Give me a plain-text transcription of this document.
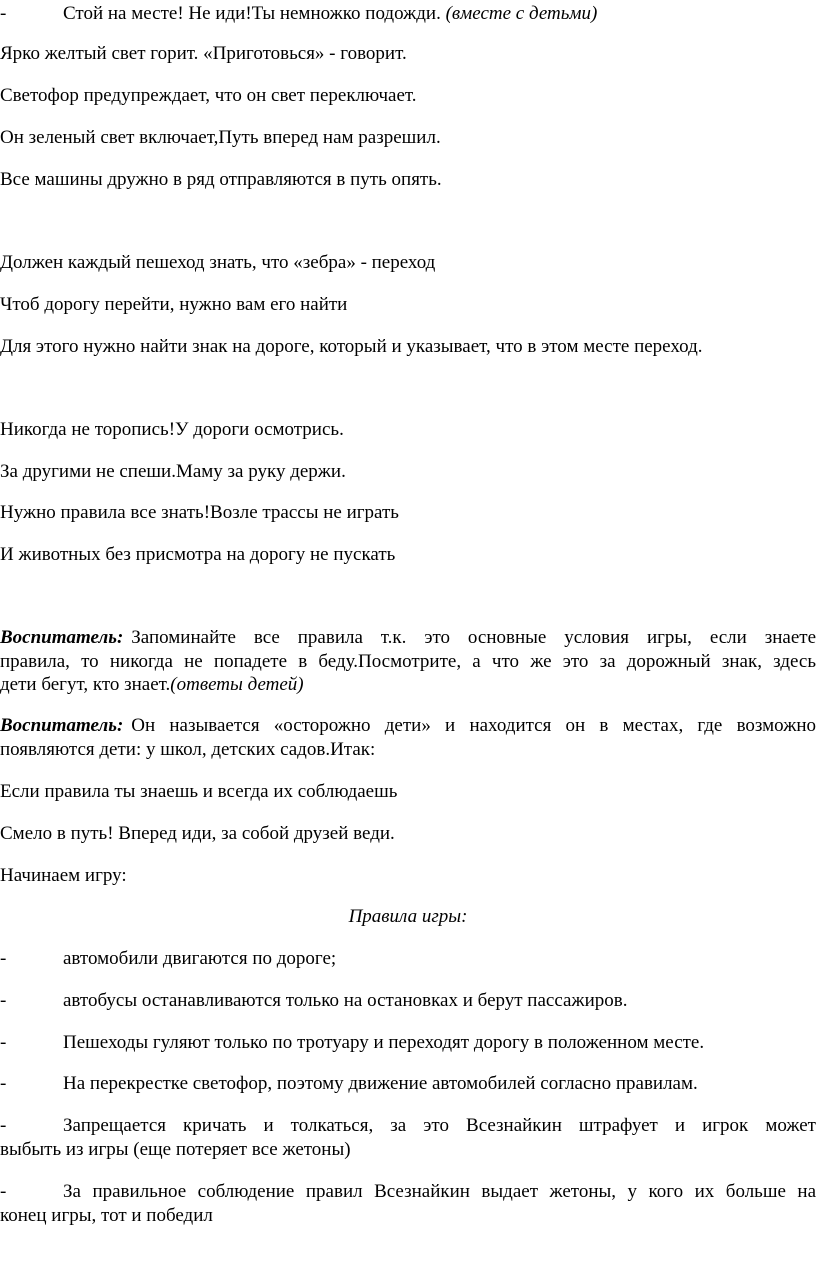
-	Стой на месте! Не иди!Ты немножко подожди. (вместе с детьми)
Ярко желтый свет горит. «Приготовься» - говорит.
Светофор предупреждает, что он свет переключает.
Он зеленый свет включает,Путь вперед нам разрешил.
Все машины дружно в ряд отправляются в путь опять.
Должен каждый пешеход знать, что «зебра» - переход
Чтоб дорогу перейти, нужно вам его найти
Для этого нужно найти знак на дороге, который и указывает, что в этом месте переход.
Никогда не торопись!У дороги осмотрись.
За другими не спеши.Маму за руку держи.
Нужно правила все знать!Возле трассы не играть
И животных без присмотра на дорогу не пускать
Воспитатель: Запоминайте все правила т.к. это основные условия игры, если знаете
правила, то никогда не попадете в беду.Посмотрите, а что же это за дорожный знак, здесь
дети бегут, кто знает.(ответы детей)
Воспитатель: Он называется «осторожно дети» и находится он в местах, где возможно
появляются дети: у школ, детских садов.Итак:
Если правила ты знаешь и всегда их соблюдаешь
Смело в путь! Вперед иди, за собой друзей веди.
Начинаем игру:
Правила игры:
-	автомобили двигаются по дороге;
-	автобусы останавливаются только на остановках и берут пассажиров.
-	Пешеходы гуляют только по тротуару и переходят дорогу в положенном месте.
-	На перекрестке светофор, поэтому движение автомобилей согласно правилам.
-	Запрещается кричать и толкаться, за это Всезнайкин штрафует и игрок может
выбыть из игры (еще потеряет все жетоны)
-	За правильное соблюдение правил Всезнайкин выдает жетоны, у кого их больше на
конец игры, тот и победил
